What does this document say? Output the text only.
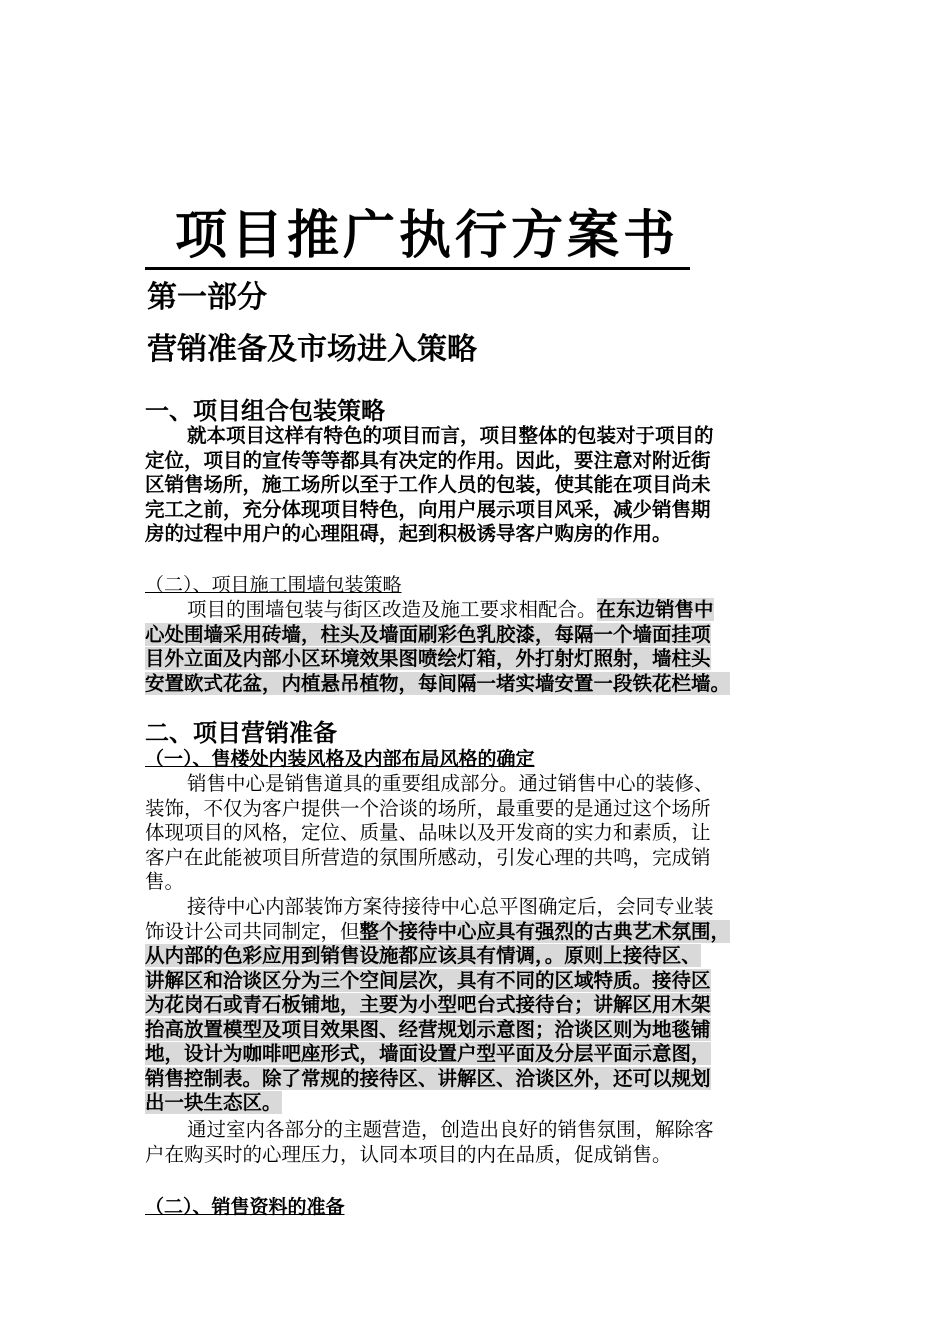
项目推广执行方案书
第一部分
营销准备及市场进入策略
一、项目组合包装策略
就本项目这样有特色的项目而言，项目整体的包装对于项目的
定位，项目的宣传等等都具有决定的作用。因此，要注意对附近街
区销售场所，施工场所以至于工作人员的包装，使其能在项目尚未
完工之前，充分体现项目特色，向用户展示项目风采，减少销售期
房的过程中用户的心理阻碍，起到积极诱导客户购房的作用。
（二）、项目施工围墙包装策略
项目的围墙包装与街区改造及施工要求相配合。在东边销售中
心处围墙采用砖墙，柱头及墙面刷彩色乳胶漆，每隔一个墙面挂项
目外立面及内部小区环境效果图喷绘灯箱，外打射灯照射，墙柱头
安置欧式花盆，内植悬吊植物，每间隔一堵实墙安置一段铁花栏墙。
二、项目营销准备
（一）、售楼处内装风格及内部布局风格的确定
销售中心是销售道具的重要组成部分。通过销售中心的装修、
装饰，不仅为客户提供一个洽谈的场所，最重要的是通过这个场所
体现项目的风格，定位、质量、品味以及开发商的实力和素质，让
客户在此能被项目所营造的氛围所感动，引发心理的共鸣，完成销
售。
接待中心内部装饰方案待接待中心总平图确定后，会同专业装
饰设计公司共同制定，但整个接待中心应具有强烈的古典艺术氛围，
从内部的色彩应用到销售设施都应该具有情调，。原则上接待区、
讲解区和洽谈区分为三个空间层次，具有不同的区域特质。接待区
为花岗石或青石板铺地，主要为小型吧台式接待台；讲解区用木架
抬高放置模型及项目效果图、经营规划示意图；洽谈区则为地毯铺
地，设计为咖啡吧座形式，墙面设置户型平面及分层平面示意图，
销售控制表。除了常规的接待区、讲解区、洽谈区外，还可以规划
出一块生态区。
通过室内各部分的主题营造，创造出良好的销售氛围，解除客
户在购买时的心理压力，认同本项目的内在品质，促成销售。
（二）、销售资料的准备
